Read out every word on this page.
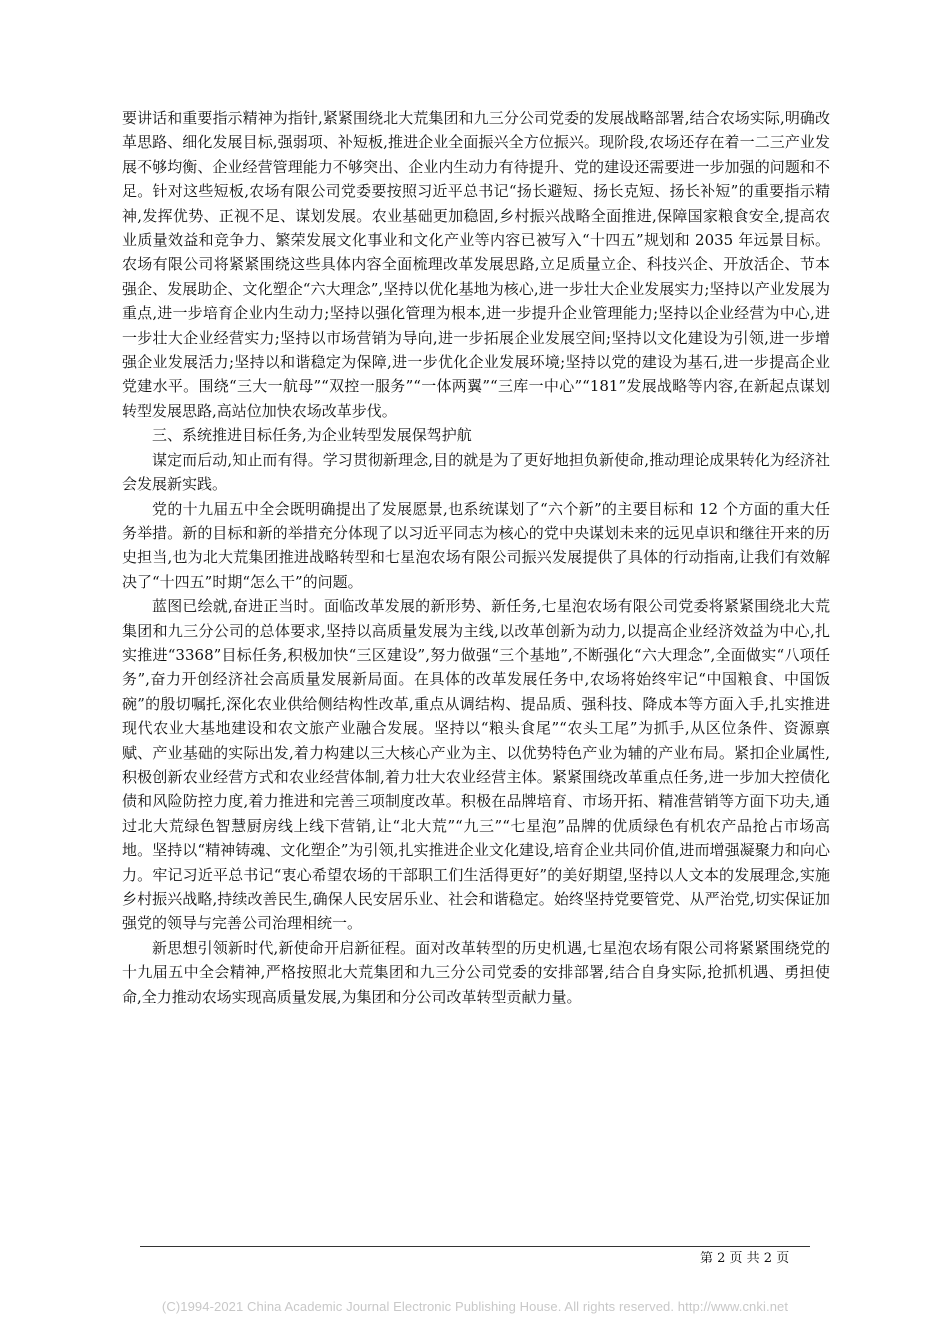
要讲话和重要指示精神为指针,紧紧围绕北大荒集团和九三分公司党委的发展战略部署,结合农场实际,明确改革思路、细化发展目标,强弱项、补短板,推进企业全面振兴全方位振兴。现阶段,农场还存在着一二三产业发展不够均衡、企业经营管理能力不够突出、企业内生动力有待提升、党的建设还需要进一步加强的问题和不足。针对这些短板,农场有限公司党委要按照习近平总书记“扬长避短、扬长克短、扬长补短”的重要指示精神,发挥优势、正视不足、谋划发展。农业基础更加稳固,乡村振兴战略全面推进,保障国家粮食安全,提高农业质量效益和竞争力、繁荣发展文化事业和文化产业等内容已被写入“十四五”规划和 2035 年远景目标。农场有限公司将紧紧围绕这些具体内容全面梳理改革发展思路,立足质量立企、科技兴企、开放活企、节本强企、发展助企、文化塑企“六大理念”,坚持以优化基地为核心,进一步壮大企业发展实力;坚持以产业发展为重点,进一步培育企业内生动力;坚持以强化管理为根本,进一步提升企业管理能力;坚持以企业经营为中心,进一步壮大企业经营实力;坚持以市场营销为导向,进一步拓展企业发展空间;坚持以文化建设为引领,进一步增强企业发展活力;坚持以和谐稳定为保障,进一步优化企业发展环境;坚持以党的建设为基石,进一步提高企业党建水平。围绕“三大一航母”“双控一服务”“一体两翼”“三库一中心”“181”发展战略等内容,在新起点谋划转型发展思路,高站位加快农场改革步伐。

三、系统推进目标任务,为企业转型发展保驾护航

谋定而后动,知止而有得。学习贯彻新理念,目的就是为了更好地担负新使命,推动理论成果转化为经济社会发展新实践。

党的十九届五中全会既明确提出了发展愿景,也系统谋划了“六个新”的主要目标和 12 个方面的重大任务举措。新的目标和新的举措充分体现了以习近平同志为核心的党中央谋划未来的远见卓识和继往开来的历史担当,也为北大荒集团推进战略转型和七星泡农场有限公司振兴发展提供了具体的行动指南,让我们有效解决了“十四五”时期“怎么干”的问题。

蓝图已绘就,奋进正当时。面临改革发展的新形势、新任务,七星泡农场有限公司党委将紧紧围绕北大荒集团和九三分公司的总体要求,坚持以高质量发展为主线,以改革创新为动力,以提高企业经济效益为中心,扎实推进“3368”目标任务,积极加快“三区建设”,努力做强“三个基地”,不断强化“六大理念”,全面做实“八项任务”,奋力开创经济社会高质量发展新局面。在具体的改革发展任务中,农场将始终牢记“中国粮食、中国饭碗”的殷切嘱托,深化农业供给侧结构性改革,重点从调结构、提品质、强科技、降成本等方面入手,扎实推进现代农业大基地建设和农文旅产业融合发展。坚持以“粮头食尾”“农头工尾”为抓手,从区位条件、资源禀赋、产业基础的实际出发,着力构建以三大核心产业为主、以优势特色产业为辅的产业布局。紧扣企业属性,积极创新农业经营方式和农业经营体制,着力壮大农业经营主体。紧紧围绕改革重点任务,进一步加大控债化债和风险防控力度,着力推进和完善三项制度改革。积极在品牌培育、市场开拓、精准营销等方面下功夫,通过北大荒绿色智慧厨房线上线下营销,让“北大荒”“九三”“七星泡”品牌的优质绿色有机农产品抢占市场高地。坚持以“精神铸魂、文化塑企”为引领,扎实推进企业文化建设,培育企业共同价值,进而增强凝聚力和向心力。牢记习近平总书记“衷心希望农场的干部职工们生活得更好”的美好期望,坚持以人文本的发展理念,实施乡村振兴战略,持续改善民生,确保人民安居乐业、社会和谐稳定。始终坚持党要管党、从严治党,切实保证加强党的领导与完善公司治理相统一。

新思想引领新时代,新使命开启新征程。面对改革转型的历史机遇,七星泡农场有限公司将紧紧围绕党的十九届五中全会精神,严格按照北大荒集团和九三分公司党委的安排部署,结合自身实际,抢抓机遇、勇担使命,全力推动农场实现高质量发展,为集团和分公司改革转型贡献力量。

第 2 页 共 2 页
(C)1994-2021 China Academic Journal Electronic Publishing House. All rights reserved. http://www.cnki.net
